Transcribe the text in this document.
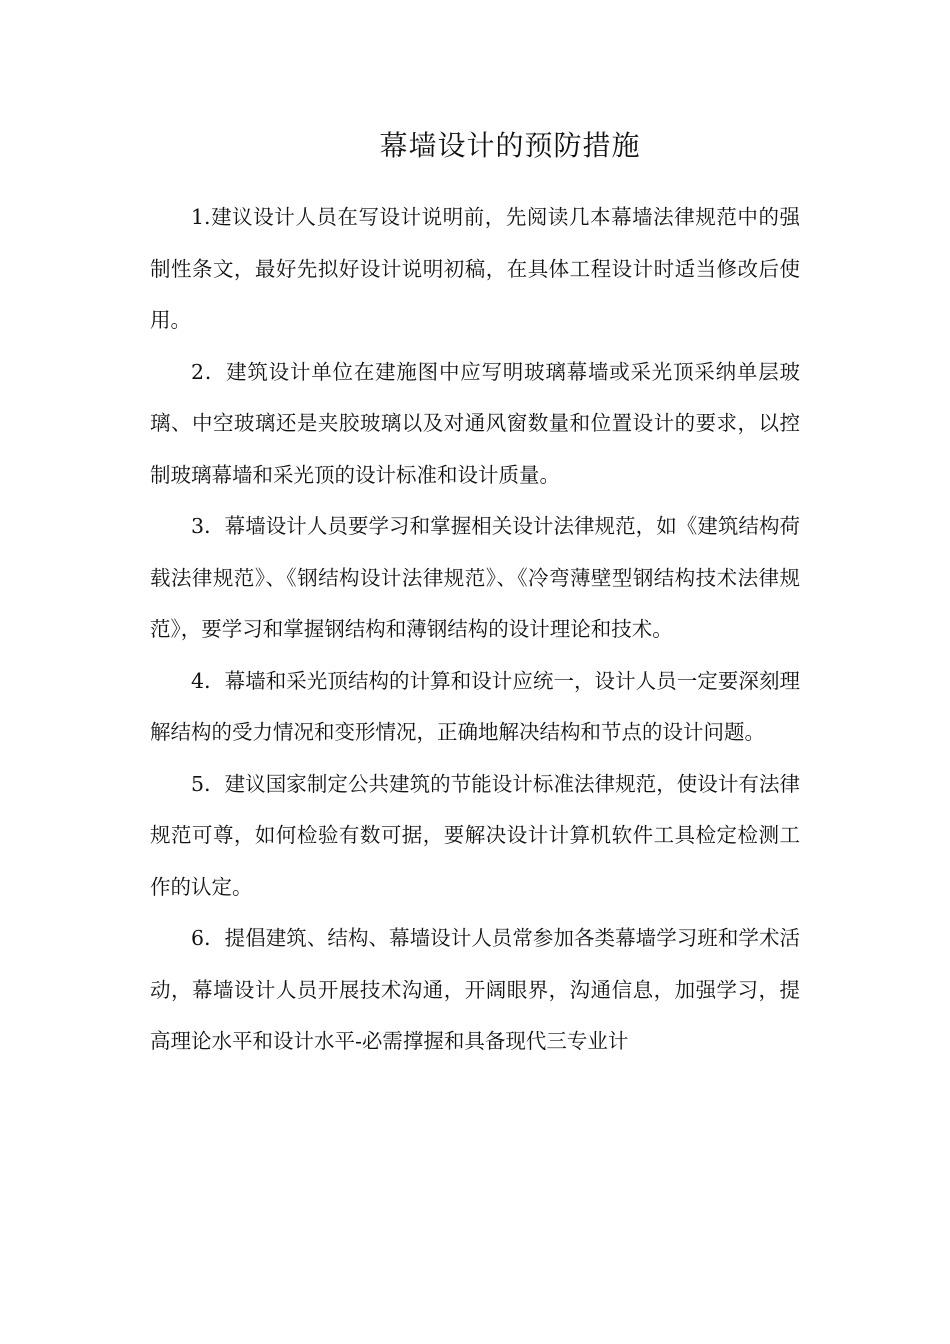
幕墙设计的预防措施

1.建议设计人员在写设计说明前，先阅读几本幕墙法律规范中的强制性条文，最好先拟好设计说明初稿，在具体工程设计时适当修改后使用。

2．建筑设计单位在建施图中应写明玻璃幕墙或采光顶采纳单层玻璃、中空玻璃还是夹胶玻璃以及对通风窗数量和位置设计的要求，以控制玻璃幕墙和采光顶的设计标准和设计质量。

3．幕墙设计人员要学习和掌握相关设计法律规范，如《建筑结构荷载法律规范》、《钢结构设计法律规范》、《冷弯薄壁型钢结构技术法律规范》，要学习和掌握钢结构和薄钢结构的设计理论和技术。

4．幕墙和采光顶结构的计算和设计应统一，设计人员一定要深刻理解结构的受力情况和变形情况，正确地解决结构和节点的设计问题。

5．建议国家制定公共建筑的节能设计标准法律规范，使设计有法律规范可尊，如何检验有数可据，要解决设计计算机软件工具检定检测工作的认定。

6．提倡建筑、结构、幕墙设计人员常参加各类幕墙学习班和学术活动，幕墙设计人员开展技术沟通，开阔眼界，沟通信息，加强学习，提高理论水平和设计水平-必需撑握和具备现代三专业计
